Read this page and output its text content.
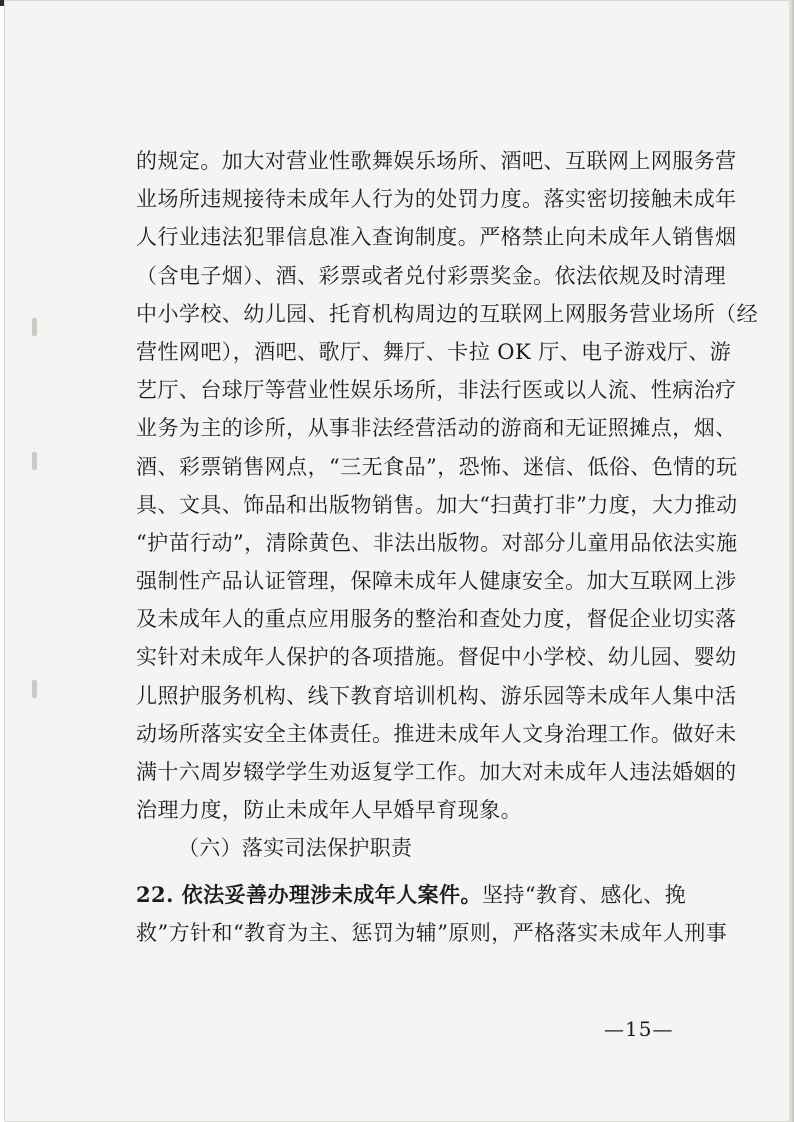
的规定。加大对营业性歌舞娱乐场所、酒吧、互联网上网服务营
业场所违规接待未成年人行为的处罚力度。落实密切接触未成年
人行业违法犯罪信息准入查询制度。严格禁止向未成年人销售烟
（含电子烟）、酒、彩票或者兑付彩票奖金。依法依规及时清理
中小学校、幼儿园、托育机构周边的互联网上网服务营业场所（经
营性网吧），酒吧、歌厅、舞厅、卡拉 OK 厅、电子游戏厅、游
艺厅、台球厅等营业性娱乐场所，非法行医或以人流、性病治疗
业务为主的诊所，从事非法经营活动的游商和无证照摊点，烟、
酒、彩票销售网点，“三无食品”，恐怖、迷信、低俗、色情的玩
具、文具、饰品和出版物销售。加大“扫黄打非”力度，大力推动
“护苗行动”，清除黄色、非法出版物。对部分儿童用品依法实施
强制性产品认证管理，保障未成年人健康安全。加大互联网上涉
及未成年人的重点应用服务的整治和查处力度，督促企业切实落
实针对未成年人保护的各项措施。督促中小学校、幼儿园、婴幼
儿照护服务机构、线下教育培训机构、游乐园等未成年人集中活
动场所落实安全主体责任。推进未成年人文身治理工作。做好未
满十六周岁辍学学生劝返复学工作。加大对未成年人违法婚姻的
治理力度，防止未成年人早婚早育现象。
（六）落实司法保护职责
22. 依法妥善办理涉未成年人案件。坚持“教育、感化、挽
救”方针和“教育为主、惩罚为辅”原则，严格落实未成年人刑事
—15—
